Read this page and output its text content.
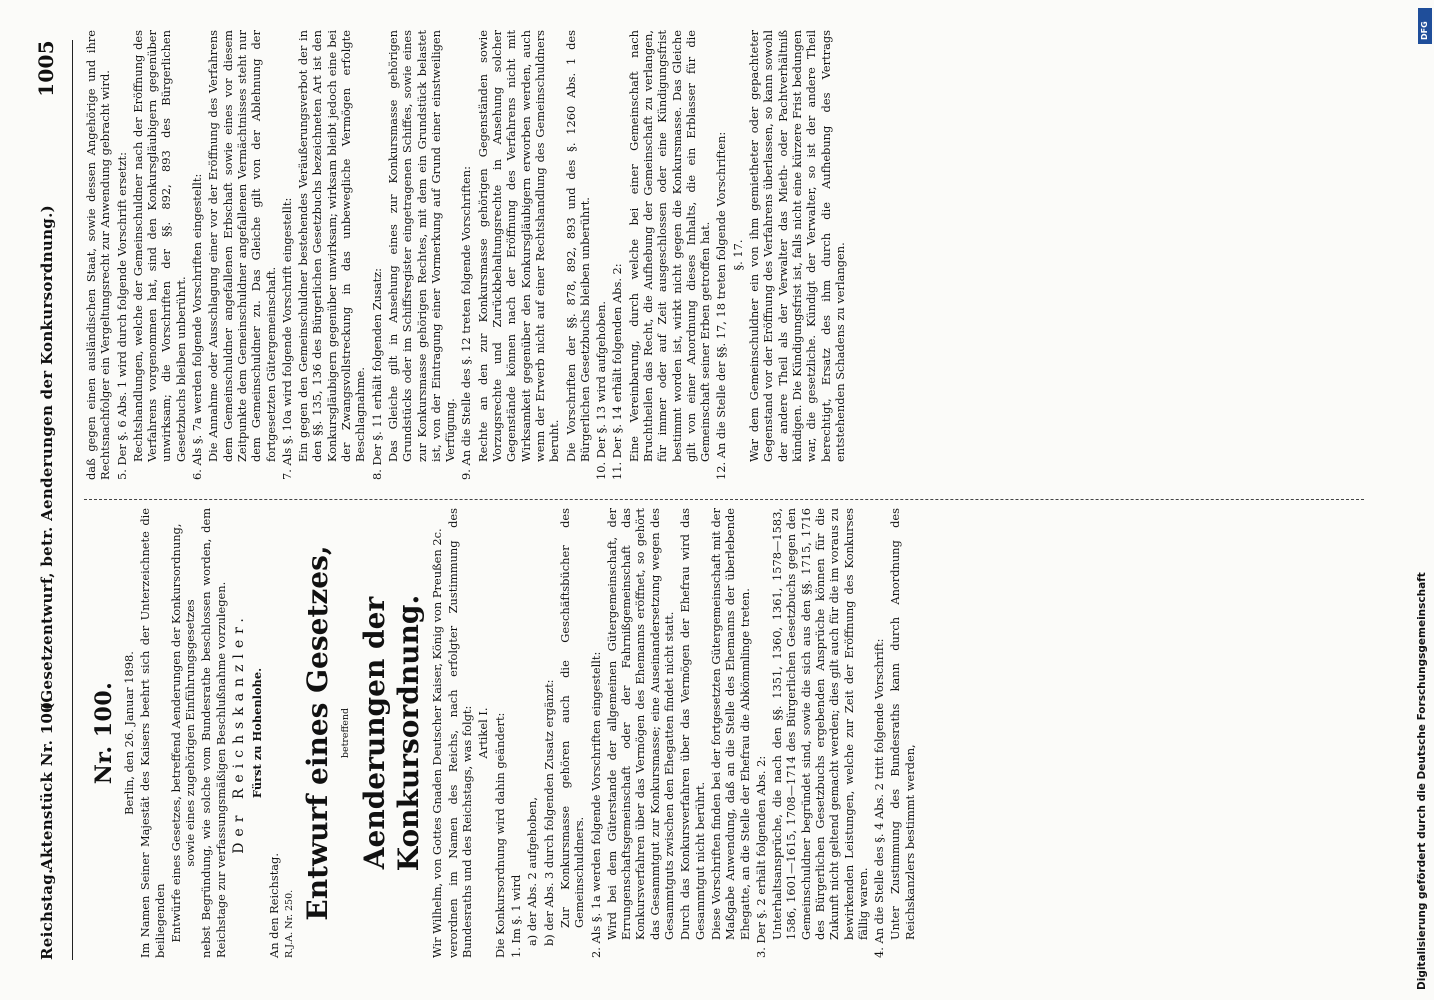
Reichstag.
Aktenstück Nr. 100.
(Gesetzentwurf, betr. Aenderungen der Konkursordnung.)
1005
Nr. 100. Berlin, den 26. Januar 1898. Im Namen Seiner Majestät des Kaisers beehrt sich der Unterzeichnete die beiliegenden Entwürfe eines Gesetzes, betreffend Aenderungen der Konkursordnung, sowie eines zugehörigen Einführungsgesetzes nebst Begründung, wie solche vom Bundesrathe beschlossen worden, dem Reichstage zur verfassungsmäßigen Beschlußnahme vorzulegen. Der Reichskanzler. Fürst zu Hohenlohe.

An den Reichstag. R.J.A. Nr. 250.

Entwurf eines Gesetzes, betreffend Aenderungen der Konkursordnung. Wir Wilhelm, von Gottes Gnaden Deutscher Kaiser, König von Preußen 2c. verordnen im Namen des Reichs, nach erfolgter Zustimmung des Bundesraths und des Reichstags, was folgt: Artikel I. Die Konkursordnung wird dahin geändert: 1. Im §. 1 wird a) der Abs. 2 aufgehoben, b) der Abs. 3 durch folgenden Zusatz ergänzt: Zur Konkursmasse gehören auch die Geschäftsbücher des Gemeinschuldners. 2. Als §. 1a werden folgende Vorschriften eingestellt: Wird bei dem Güterstande der allgemeinen Gütergemeinschaft, der Errungenschaftsgemeinschaft oder der Fahrnißgemeinschaft das Konkursverfahren über das Vermögen des Ehemanns eröffnet, so gehört das Gesammtgut zur Konkursmasse; eine Auseinandersetzung wegen des Gesammtguts zwischen den Ehegatten findet nicht statt. Durch das Konkursverfahren über das Vermögen der Ehefrau wird das Gesammtgut nicht berührt. Diese Vorschriften finden bei der fortgesetzten Gütergemeinschaft mit der Maßgabe Anwendung, daß an die Stelle des Ehemanns der überlebende Ehegatte, an die Stelle der Ehefrau die Abkömmlinge treten. 3. Der §. 2 erhält folgenden Abs. 2: Unterhaltsansprüche, die nach den §§. 1351, 1360, 1361, 1578—1583, 1586, 1601—1615, 1708—1714 des Bürgerlichen Gesetzbuchs gegen den Gemeinschuldner begründet sind, sowie die sich aus den §§. 1715, 1716 des Bürgerlichen Gesetzbuchs ergebenden Ansprüche können für die Zukunft nicht geltend gemacht werden; dies gilt auch für die im voraus zu bewirkenden Leistungen, welche zur Zeit der Eröffnung des Konkurses fällig waren. 4. An die Stelle des §. 4 Abs. 2 tritt folgende Vorschrift: Unter Zustimmung des Bundesraths kann durch Anordnung des Reichskanzlers bestimmt werden,

daß gegen einen ausländischen Staat, sowie dessen Angehörige und ihre Rechtsnachfolger ein Vergeltungsrecht zur Anwendung gebracht wird. 5. Der §. 6 Abs. 1 wird durch folgende Vorschrift ersetzt: Rechtshandlungen, welche der Gemeinschuldner nach der Eröffnung des Verfahrens vorgenommen hat, sind den Konkursgläubigern gegenüber unwirksam; die Vorschriften der §§. 892, 893 des Bürgerlichen Gesetzbuchs bleiben unberührt. 6. Als §. 7a werden folgende Vorschriften eingestellt: Die Annahme oder Ausschlagung einer vor der Eröffnung des Verfahrens dem Gemeinschuldner angefallenen Erbschaft sowie eines vor diesem Zeitpunkte dem Gemeinschuldner angefallenen Vermächtnisses steht nur dem Gemeinschuldner zu. Das Gleiche gilt von der Ablehnung der fortgesetzten Gütergemeinschaft. 7. Als §. 10a wird folgende Vorschrift eingestellt: Ein gegen den Gemeinschuldner bestehendes Veräußerungsverbot der in den §§. 135, 136 des Bürgerlichen Gesetzbuchs bezeichneten Art ist den Konkursgläubigern gegenüber unwirksam; wirksam bleibt jedoch eine bei der Zwangsvollstreckung in das unbewegliche Vermögen erfolgte Beschlagnahme. 8. Der §. 11 erhält folgenden Zusatz: Das Gleiche gilt in Ansehung eines zur Konkursmasse gehörigen Grundstücks oder im Schiffsregister eingetragenen Schiffes, sowie eines zur Konkursmasse gehörigen Rechtes, mit dem ein Grundstück belastet ist, von der Eintragung einer Vormerkung auf Grund einer einstweiligen Verfügung. 9. An die Stelle des §. 12 treten folgende Vorschriften: Rechte an den zur Konkursmasse gehörigen Gegenständen sowie Vorzugsrechte und Zurückbehaltungsrechte in Ansehung solcher Gegenstände können nach der Eröffnung des Verfahrens nicht mit Wirksamkeit gegenüber den Konkursgläubigern erworben werden, auch wenn der Erwerb nicht auf einer Rechtshandlung des Gemeinschuldners beruht. Die Vorschriften der §§. 878, 892, 893 und des §. 1260 Abs. 1 des Bürgerlichen Gesetzbuchs bleiben unberührt. 10. Der §. 13 wird aufgehoben. 11. Der §. 14 erhält folgenden Abs. 2: Eine Vereinbarung, durch welche bei einer Gemeinschaft nach Bruchtheilen das Recht, die Aufhebung der Gemeinschaft zu verlangen, für immer oder auf Zeit ausgeschlossen oder eine Kündigungsfrist bestimmt worden ist, wirkt nicht gegen die Konkursmasse. Das Gleiche gilt von einer Anordnung dieses Inhalts, die ein Erblasser für die Gemeinschaft seiner Erben getroffen hat. 12. An die Stelle der §§. 17, 18 treten folgende Vorschriften: §. 17. War dem Gemeinschuldner ein von ihm gemietheter oder gepachteter Gegenstand vor der Eröffnung des Verfahrens überlassen, so kann sowohl der andere Theil als der Verwalter das Mieth- oder Pachtverhältniß kündigen. Die Kündigungsfrist ist, falls nicht eine kürzere Frist bedungen war, die gesetzliche. Kündigt der Verwalter, so ist der andere Theil berechtigt, Ersatz des ihm durch die Aufhebung des Vertrags entstehenden Schadens zu verlangen.

Digitalisierung gefördert durch die Deutsche Forschungsgemeinschaft
DFG
